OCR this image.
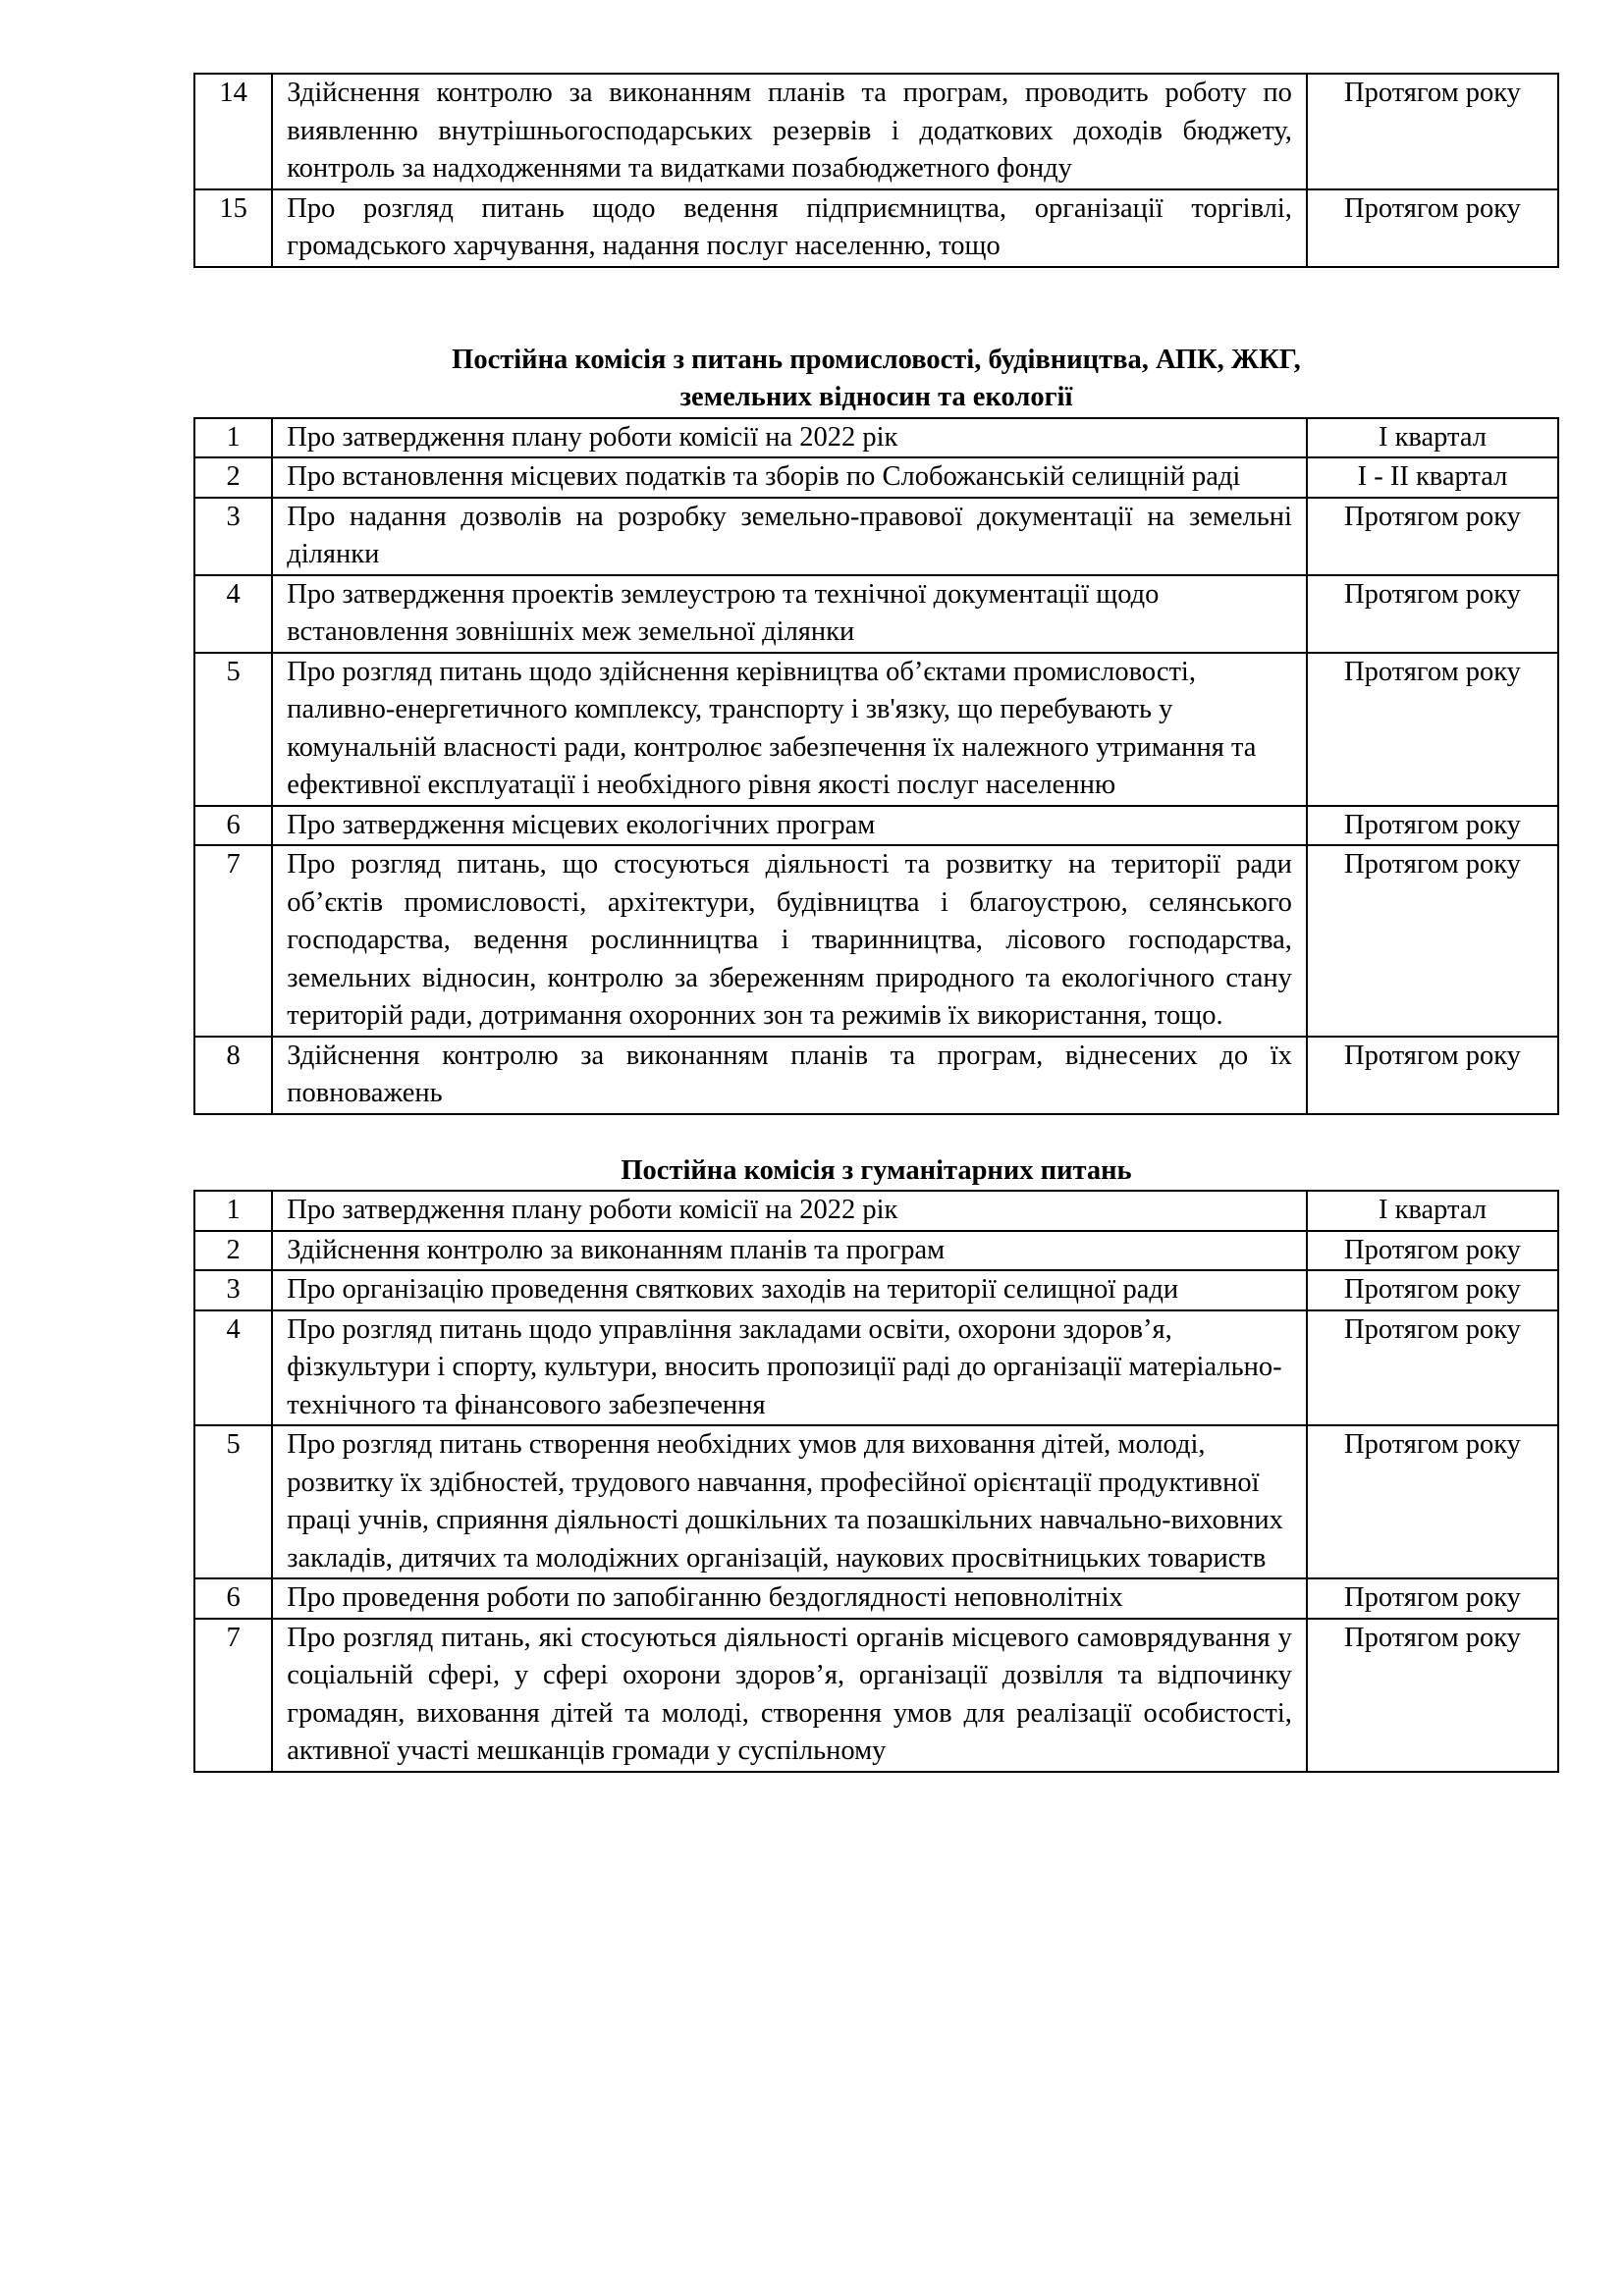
14	Здійснення контролю за виконанням планів та програм, проводить роботу по виявленню внутрішньогосподарських резервів і додаткових доходів бюджету, контроль за надходженнями та видатками позабюджетного фонду	Протягом року
15	Про розгляд питань щодо ведення підприємництва, організації торгівлі, громадського харчування, надання послуг населенню, тощо	Протягом року

Постійна комісія з питань промисловості, будівництва, АПК, ЖКГ,
земельних відносин та екології

1	Про затвердження плану роботи комісії на 2022 рік	І квартал
2	Про встановлення місцевих податків та зборів по Слобожанській селищній раді	І - ІІ квартал
3	Про надання дозволів на розробку земельно-правової документації на земельні ділянки	Протягом року
4	Про затвердження проектів землеустрою та технічної документації щодо встановлення зовнішніх меж земельної ділянки	Протягом року
5	Про розгляд питань щодо здійснення керівництва об’єктами промисловості, паливно-енергетичного комплексу, транспорту і зв'язку, що перебувають у комунальній власності ради, контролює забезпечення їх належного утримання та ефективної експлуатації і необхідного рівня якості послуг населенню	Протягом року
6	Про затвердження місцевих екологічних програм	Протягом року
7	Про розгляд питань, що стосуються діяльності та розвитку на території ради об’єктів промисловості, архітектури, будівництва і благоустрою, селянського господарства, ведення рослинництва і тваринництва, лісового господарства, земельних відносин, контролю за збереженням природного та екологічного стану територій ради, дотримання охоронних зон та режимів їх використання, тощо.	Протягом року
8	Здійснення контролю за виконанням планів та програм, віднесених до їх повноважень	Протягом року

Постійна комісія з гуманітарних питань

1	Про затвердження плану роботи комісії на 2022 рік	І квартал
2	Здійснення контролю за виконанням планів та програм	Протягом року
3	Про організацію проведення святкових заходів на території селищної ради	Протягом року
4	Про розгляд питань щодо управління закладами освіти, охорони здоров’я, фізкультури і спорту, культури, вносить пропозиції раді до організації матеріально-технічного та фінансового забезпечення	Протягом року
5	Про розгляд питань створення необхідних умов для виховання дітей, молоді, розвитку їх здібностей, трудового навчання, професійної орієнтації продуктивної праці учнів, сприяння діяльності дошкільних та позашкільних навчально-виховних закладів, дитячих та молодіжних організацій, наукових просвітницьких товариств	Протягом року
6	Про проведення роботи по запобіганню бездоглядності неповнолітніх	Протягом року
7	Про розгляд питань, які стосуються діяльності органів місцевого самоврядування у соціальній сфері, у сфері охорони здоров’я, організації дозвілля та відпочинку громадян, виховання дітей та молоді, створення умов для реалізації особистості, активної участі мешканців громади у суспільному	Протягом року
